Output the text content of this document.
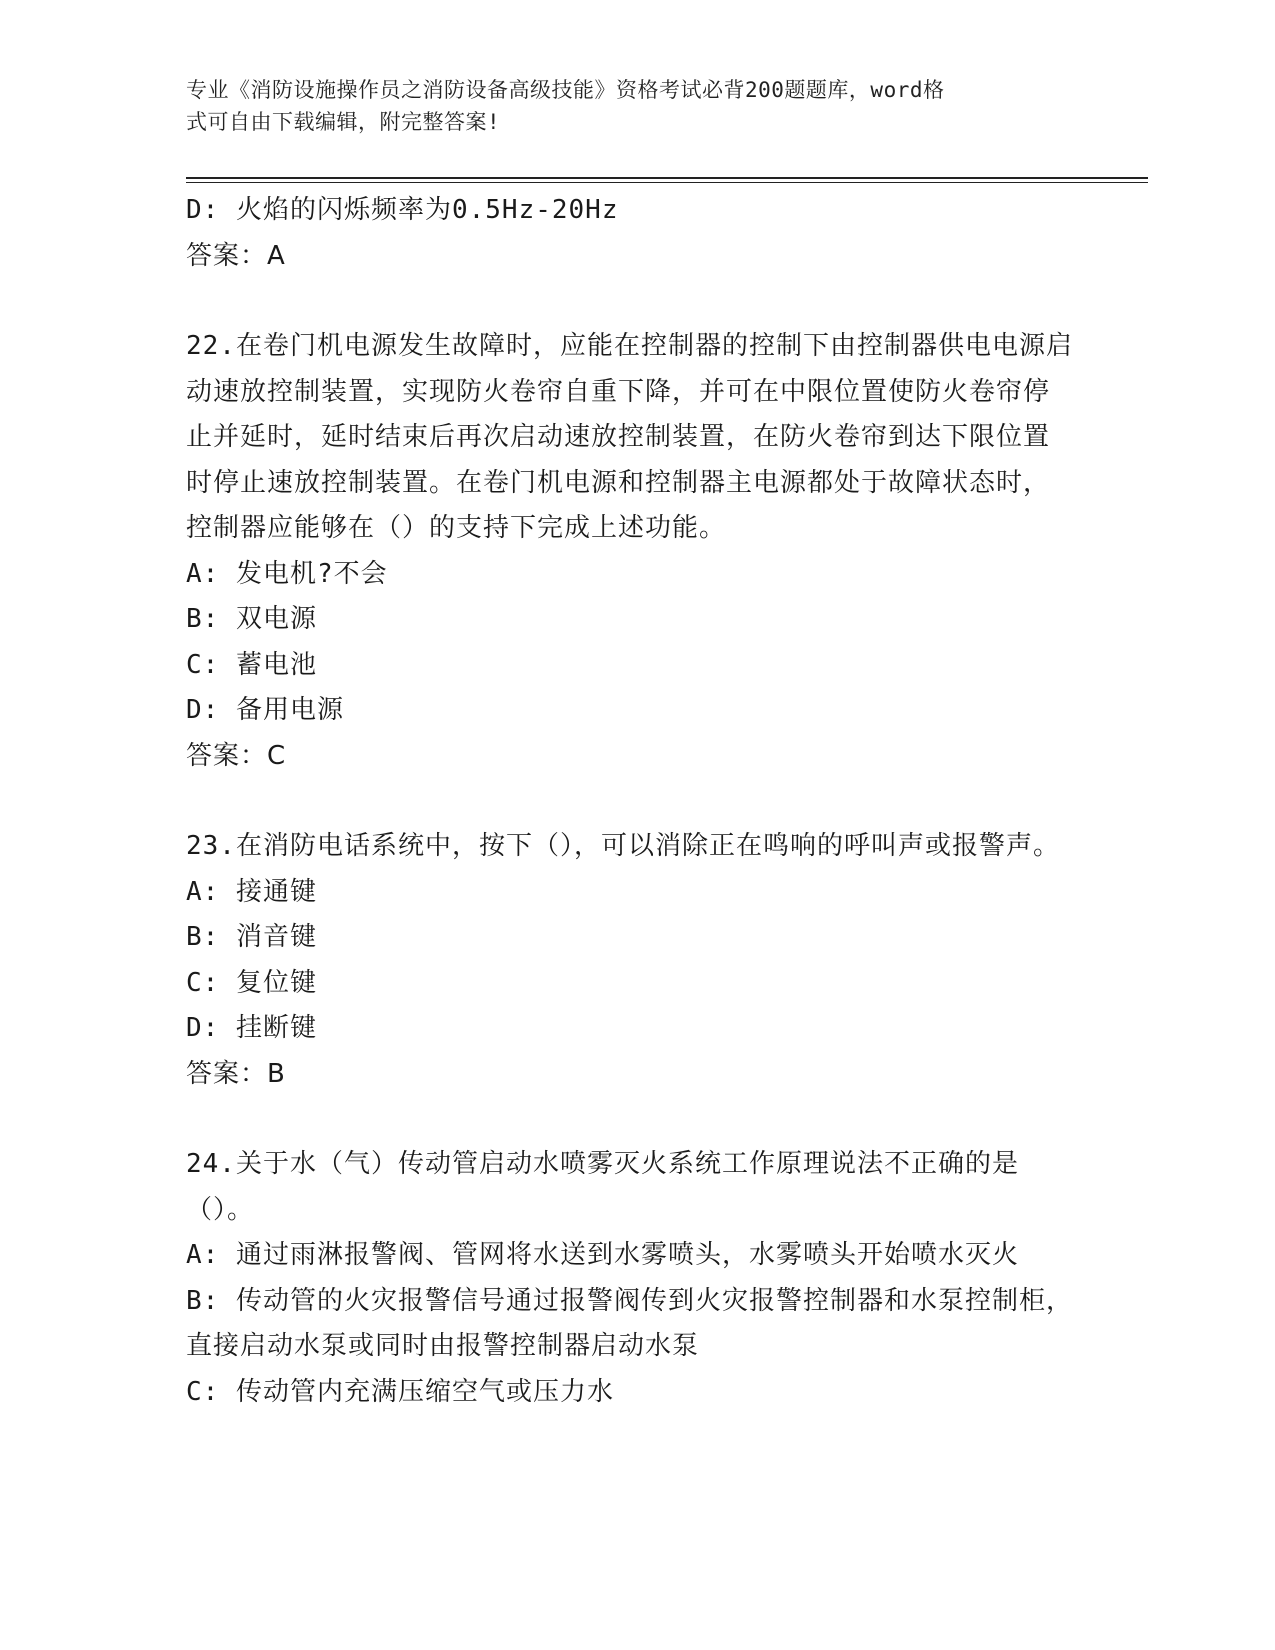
专业《消防设施操作员之消防设备高级技能》资格考试必背200题题库，word格
式可自由下载编辑，附完整答案!
D: 火焰的闪烁频率为0.5Hz-20Hz
答案：A
22.在卷门机电源发生故障时，应能在控制器的控制下由控制器供电电源启动速放控制装置，实现防火卷帘自重下降，并可在中限位置使防火卷帘停止并延时，延时结束后再次启动速放控制装置，在防火卷帘到达下限位置时停止速放控制装置。在卷门机电源和控制器主电源都处于故障状态时，控制器应能够在（）的支持下完成上述功能。
A: 发电机?不会
B: 双电源
C: 蓄电池
D: 备用电源
答案：C
23.在消防电话系统中，按下（），可以消除正在鸣响的呼叫声或报警声。
A: 接通键
B: 消音键
C: 复位键
D: 挂断键
答案：B
24.关于水（气）传动管启动水喷雾灭火系统工作原理说法不正确的是（）。
A: 通过雨淋报警阀、管网将水送到水雾喷头，水雾喷头开始喷水灭火
B: 传动管的火灾报警信号通过报警阀传到火灾报警控制器和水泵控制柜，直接启动水泵或同时由报警控制器启动水泵
C: 传动管内充满压缩空气或压力水
